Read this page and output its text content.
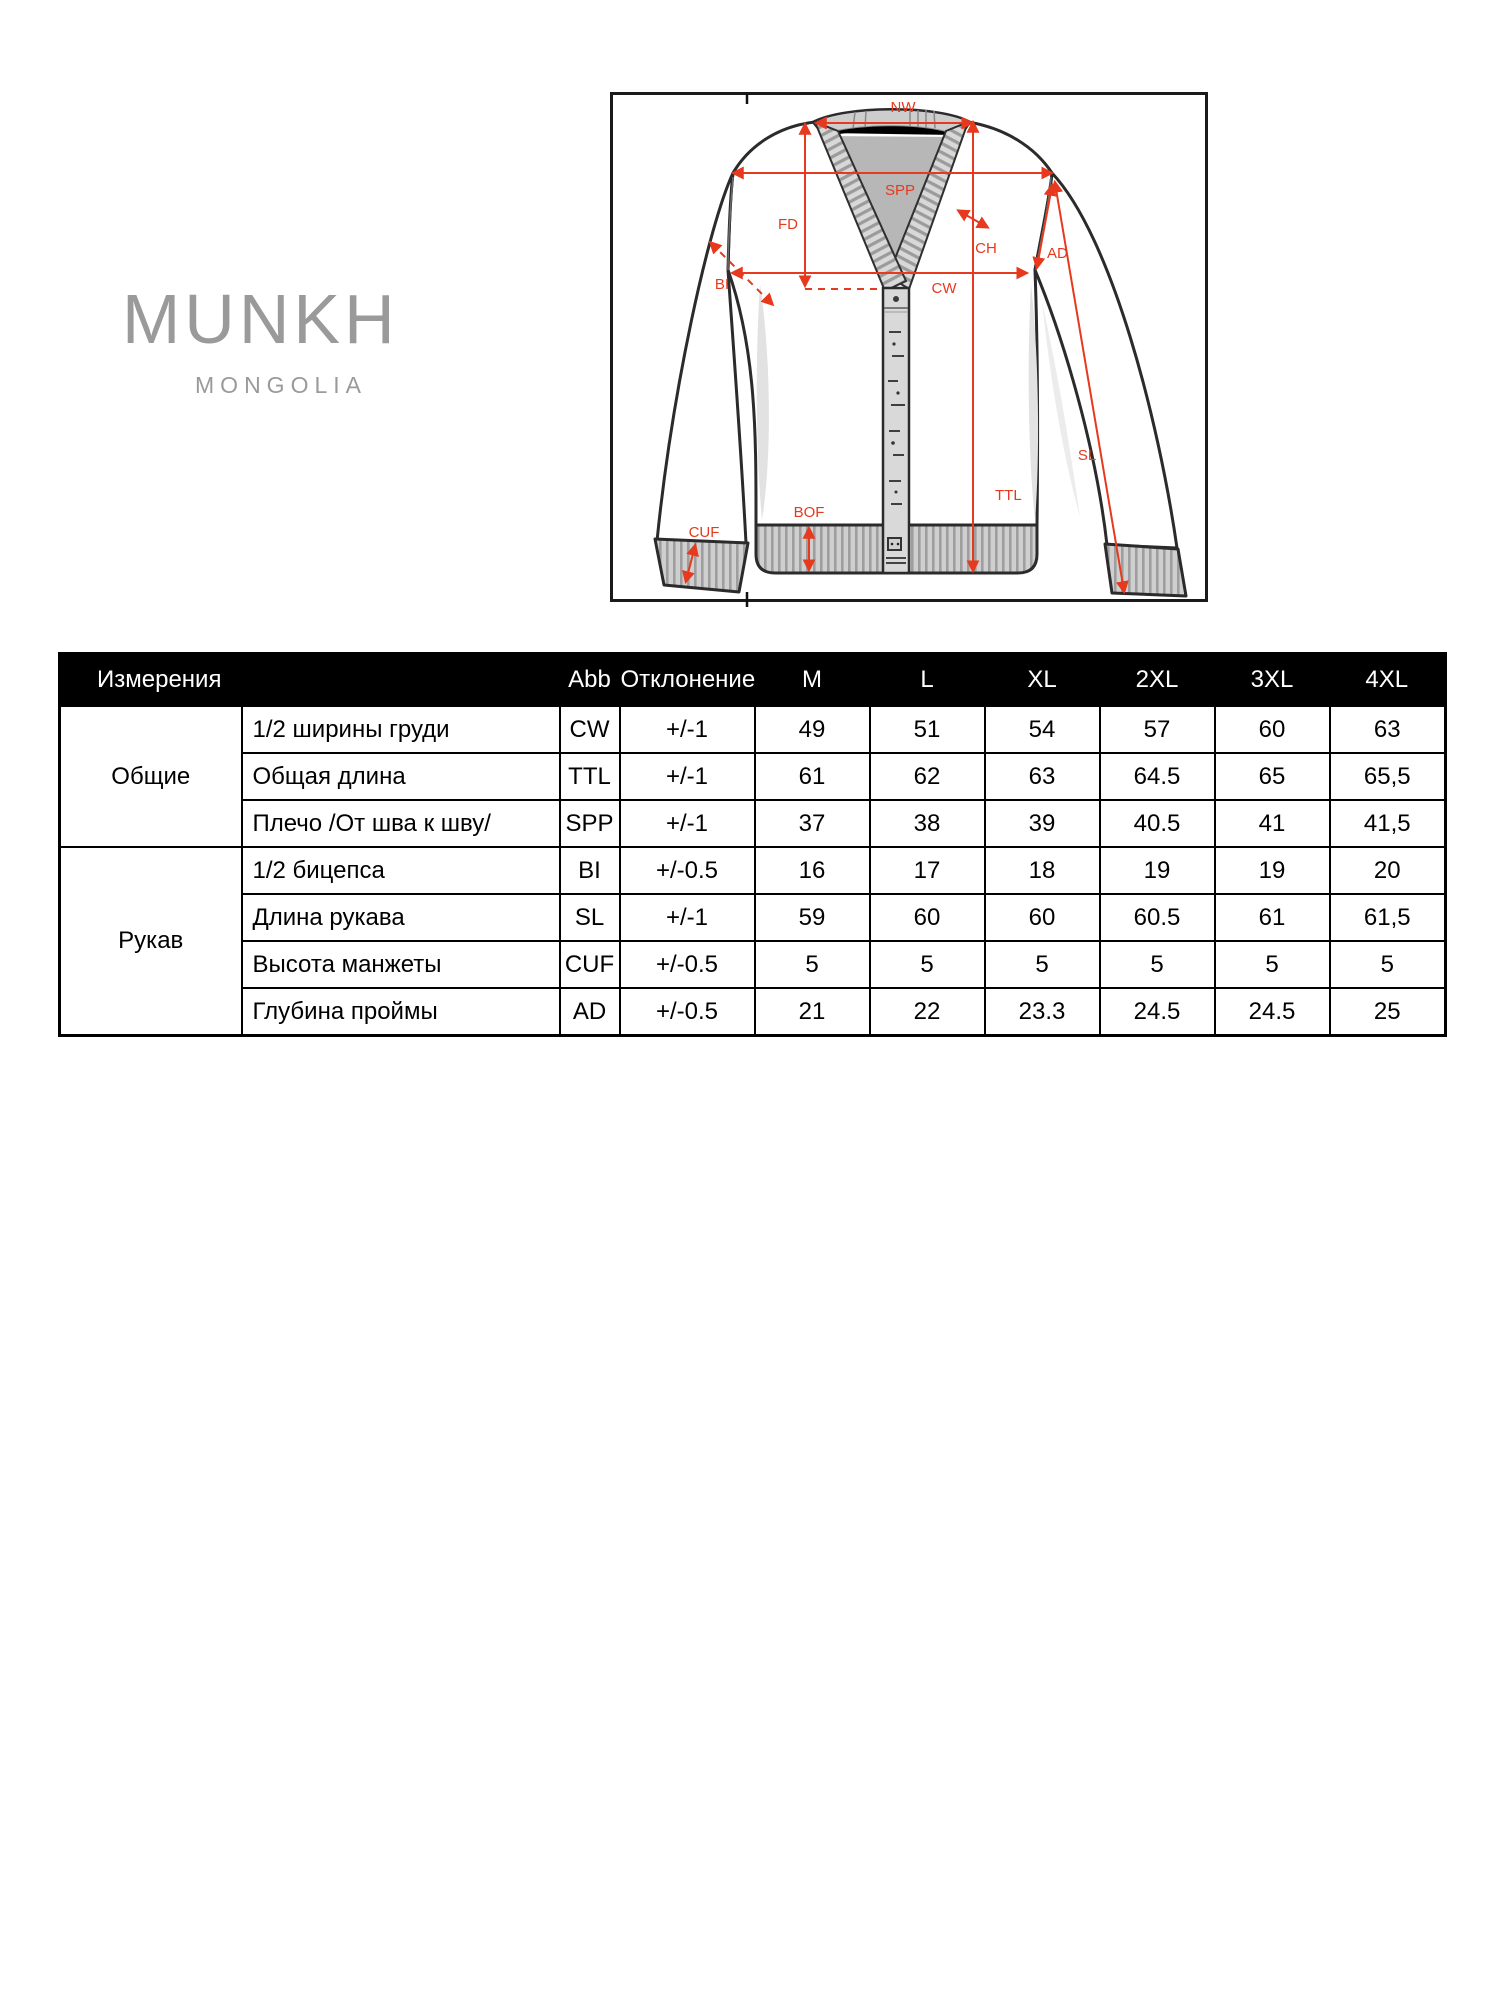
MUNKH
MONGOLIA
NW
SPP
FD
CH
CW
BI
AD
TTL
SL
BOF
CUF
Измерения		Abb	Отклонение	M	L	XL	2XL	3XL	4XL
Общие	1/2 ширины груди	CW	+/-1	49	51	54	57	60	63
	Общая длина	TTL	+/-1	61	62	63	64.5	65	65,5
	Плечо /От шва к шву/	SPP	+/-1	37	38	39	40.5	41	41,5
Рукав	1/2 бицепса	BI	+/-0.5	16	17	18	19	19	20
	Длина рукава	SL	+/-1	59	60	60	60.5	61	61,5
	Высота манжеты	CUF	+/-0.5	5	5	5	5	5	5
	Глубина проймы	AD	+/-0.5	21	22	23.3	24.5	24.5	25
